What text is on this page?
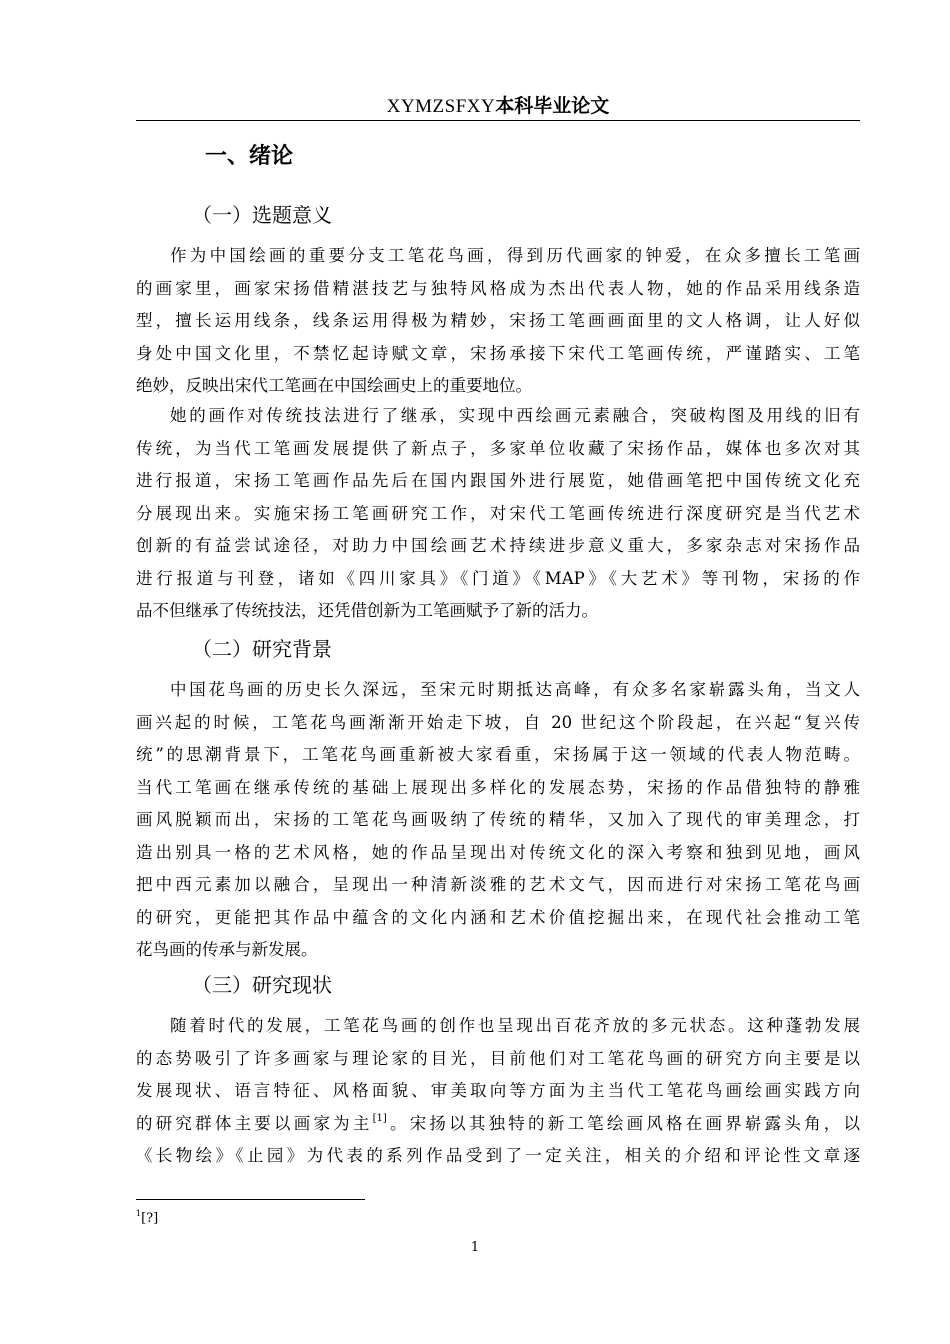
XYMZSFXY本科毕业论文
一、绪论
（一）选题意义
作为中国绘画的重要分支工笔花鸟画，得到历代画家的钟爱，在众多擅长工笔画
的画家里，画家宋扬借精湛技艺与独特风格成为杰出代表人物，她的作品采用线条造
型，擅长运用线条，线条运用得极为精妙，宋扬工笔画画面里的文人格调，让人好似
身处中国文化里，不禁忆起诗赋文章，宋扬承接下宋代工笔画传统，严谨踏实、工笔
绝妙，反映出宋代工笔画在中国绘画史上的重要地位。
她的画作对传统技法进行了继承，实现中西绘画元素融合，突破构图及用线的旧有
传统，为当代工笔画发展提供了新点子，多家单位收藏了宋扬作品，媒体也多次对其
进行报道，宋扬工笔画作品先后在国内跟国外进行展览，她借画笔把中国传统文化充
分展现出来。实施宋扬工笔画研究工作，对宋代工笔画传统进行深度研究是当代艺术
创新的有益尝试途径，对助力中国绘画艺术持续进步意义重大，多家杂志对宋扬作品
进行报道与刊登，诸如《四川家具》《门道》《MAP》《大艺术》等刊物，宋扬的作
品不但继承了传统技法，还凭借创新为工笔画赋予了新的活力。
（二）研究背景
中国花鸟画的历史长久深远，至宋元时期抵达高峰，有众多名家崭露头角，当文人
画兴起的时候，工笔花鸟画渐渐开始走下坡，自 20 世纪这个阶段起，在兴起“复兴传
统”的思潮背景下，工笔花鸟画重新被大家看重，宋扬属于这一领域的代表人物范畴。
当代工笔画在继承传统的基础上展现出多样化的发展态势，宋扬的作品借独特的静雅
画风脱颖而出，宋扬的工笔花鸟画吸纳了传统的精华，又加入了现代的审美理念，打
造出别具一格的艺术风格，她的作品呈现出对传统文化的深入考察和独到见地，画风
把中西元素加以融合，呈现出一种清新淡雅的艺术文气，因而进行对宋扬工笔花鸟画
的研究，更能把其作品中蕴含的文化内涵和艺术价值挖掘出来，在现代社会推动工笔
花鸟画的传承与新发展。
（三）研究现状
随着时代的发展，工笔花鸟画的创作也呈现出百花齐放的多元状态。这种蓬勃发展
的态势吸引了许多画家与理论家的目光，目前他们对工笔花鸟画的研究方向主要是以
发展现状、语言特征、风格面貌、审美取向等方面为主当代工笔花鸟画绘画实践方向
的研究群体主要以画家为主[1]。宋扬以其独特的新工笔绘画风格在画界崭露头角，以
《长物绘》《止园》为代表的系列作品受到了一定关注，相关的介绍和评论性文章逐
$^1$[?]
1
